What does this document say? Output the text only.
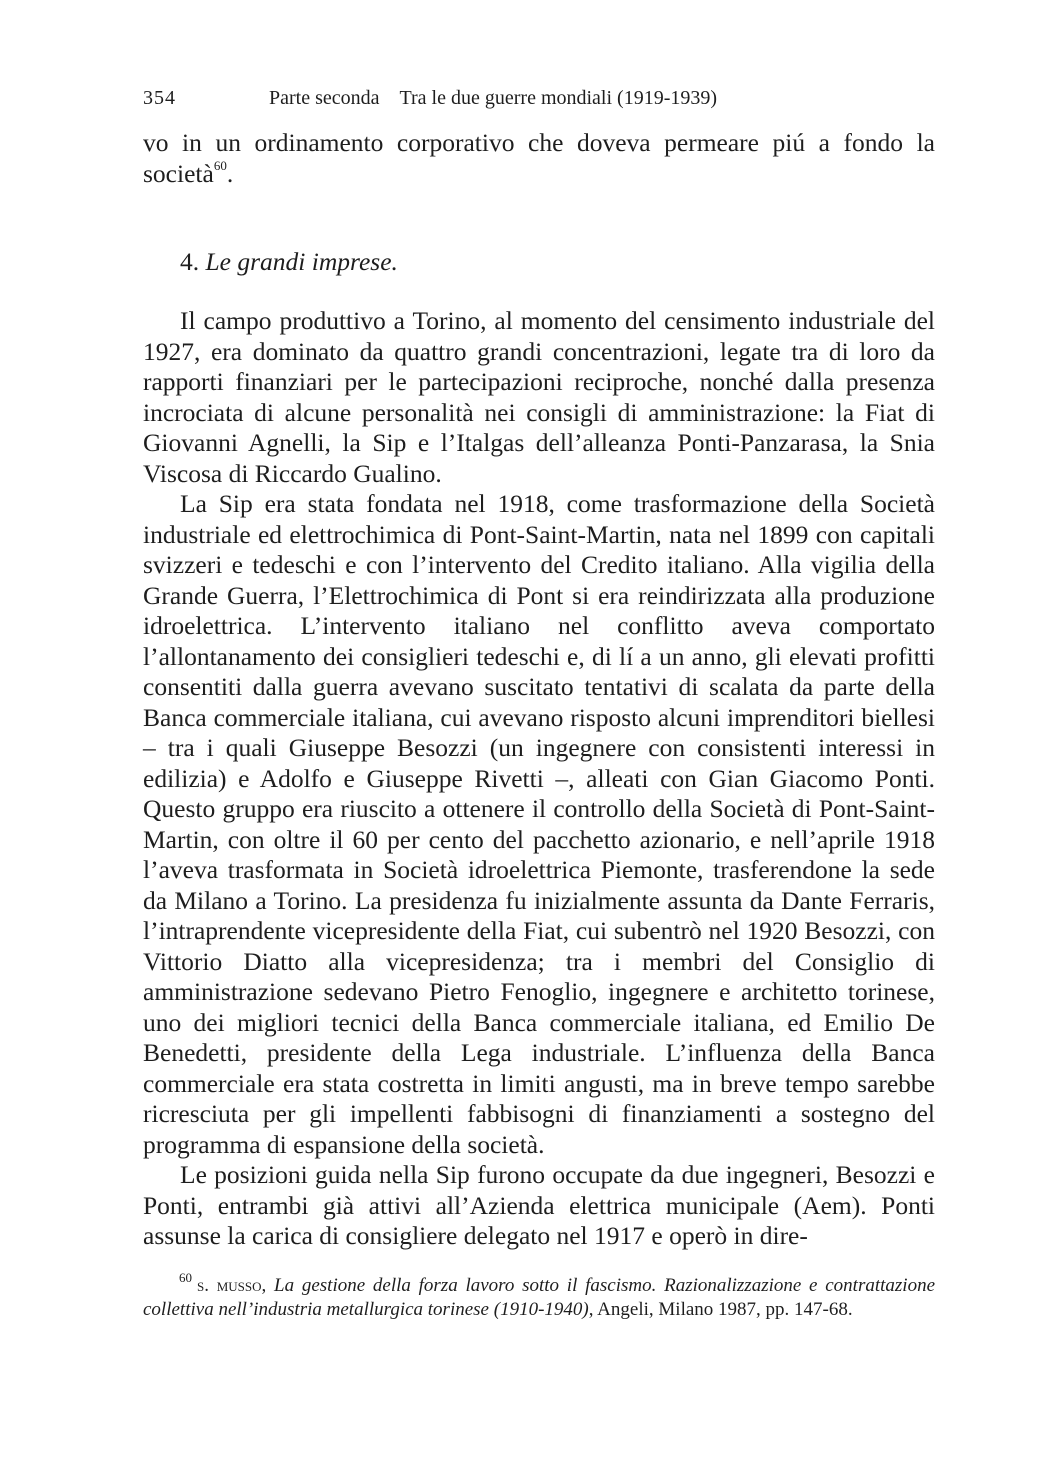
354	Parte seconda Tra le due guerre mondiali (1919-1939)
vo in un ordinamento corporativo che doveva permeare piú a fondo la società$^{60}$.
4. Le grandi imprese.

Il campo produttivo a Torino, al momento del censimento industriale del 1927, era dominato da quattro grandi concentrazioni, legate tra di loro da rapporti finanziari per le partecipazioni reciproche, nonché dalla presenza incrociata di alcune personalità nei consigli di amministrazione: la Fiat di Giovanni Agnelli, la Sip e l’Italgas dell’alleanza Ponti-Panzarasa, la Snia Viscosa di Riccardo Gualino.

La Sip era stata fondata nel 1918, come trasformazione della Società industriale ed elettrochimica di Pont-Saint-Martin, nata nel 1899 con capitali svizzeri e tedeschi e con l’intervento del Credito italiano. Alla vigilia della Grande Guerra, l’Elettrochimica di Pont si era reindirizzata alla produzione idroelettrica. L’intervento italiano nel conflitto aveva comportato l’allontanamento dei consiglieri tedeschi e, di lí a un anno, gli elevati profitti consentiti dalla guerra avevano suscitato tentativi di scalata da parte della Banca commerciale italiana, cui avevano risposto alcuni imprenditori biellesi – tra i quali Giuseppe Besozzi (un ingegnere con consistenti interessi in edilizia) e Adolfo e Giuseppe Rivetti –, alleati con Gian Giacomo Ponti. Questo gruppo era riuscito a ottenere il controllo della Società di Pont-Saint-Martin, con oltre il 60 per cento del pacchetto azionario, e nell’aprile 1918 l’aveva trasformata in Società idroelettrica Piemonte, trasferendone la sede da Milano a Torino. La presidenza fu inizialmente assunta da Dante Ferraris, l’intraprendente vicepresidente della Fiat, cui subentrò nel 1920 Besozzi, con Vittorio Diatto alla vicepresidenza; tra i membri del Consiglio di amministrazione sedevano Pietro Fenoglio, ingegnere e architetto torinese, uno dei migliori tecnici della Banca commerciale italiana, ed Emilio De Benedetti, presidente della Lega industriale. L’influenza della Banca commerciale era stata costretta in limiti angusti, ma in breve tempo sarebbe ricresciuta per gli impellenti fabbisogni di finanziamenti a sostegno del programma di espansione della società.

Le posizioni guida nella Sip furono occupate da due ingegneri, Besozzi e Ponti, entrambi già attivi all’Azienda elettrica municipale (Aem). Ponti assunse la carica di consigliere delegato nel 1917 e operò in dire-

$^{60}$ s. musso, La gestione della forza lavoro sotto il fascismo. Razionalizzazione e contrattazione collettiva nell’industria metallurgica torinese (1910-1940), Angeli, Milano 1987, pp. 147-68.
